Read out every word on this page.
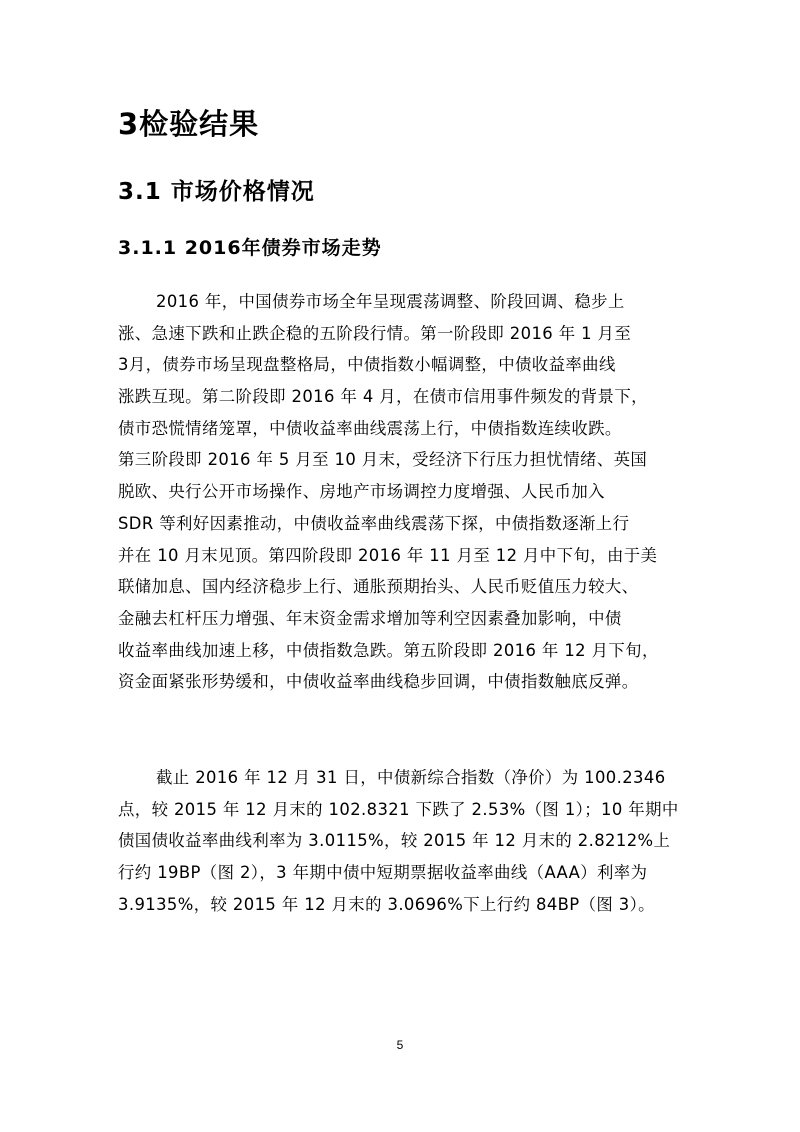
3检验结果
3.1 市场价格情况
3.1.1 2016年债券市场走势
2016 年，中国债券市场全年呈现震荡调整、阶段回调、稳步上
涨、急速下跌和止跌企稳的五阶段行情。第一阶段即 2016 年 1 月至
3月，债券市场呈现盘整格局，中债指数小幅调整，中债收益率曲线
涨跌互现。第二阶段即 2016 年 4 月，在债市信用事件频发的背景下，
债市恐慌情绪笼罩，中债收益率曲线震荡上行，中债指数连续收跌。
第三阶段即 2016 年 5 月至 10 月末，受经济下行压力担忧情绪、英国
脱欧、央行公开市场操作、房地产市场调控力度增强、人民币加入
SDR 等利好因素推动，中债收益率曲线震荡下探，中债指数逐渐上行
并在 10 月末见顶。第四阶段即 2016 年 11 月至 12 月中下旬，由于美
联储加息、国内经济稳步上行、通胀预期抬头、人民币贬值压力较大、
金融去杠杆压力增强、年末资金需求增加等利空因素叠加影响，中债
收益率曲线加速上移，中债指数急跌。第五阶段即 2016 年 12 月下旬，
资金面紧张形势缓和，中债收益率曲线稳步回调，中债指数触底反弹。
截止 2016 年 12 月 31 日，中债新综合指数（净价）为 100.2346
点，较 2015 年 12 月末的 102.8321 下跌了 2.53%（图 1）；10 年期中
债国债收益率曲线利率为 3.0115%，较 2015 年 12 月末的 2.8212%上
行约 19BP（图 2），3 年期中债中短期票据收益率曲线（AAA）利率为
3.9135%，较 2015 年 12 月末的 3.0696%下上行约 84BP（图 3）。
5
